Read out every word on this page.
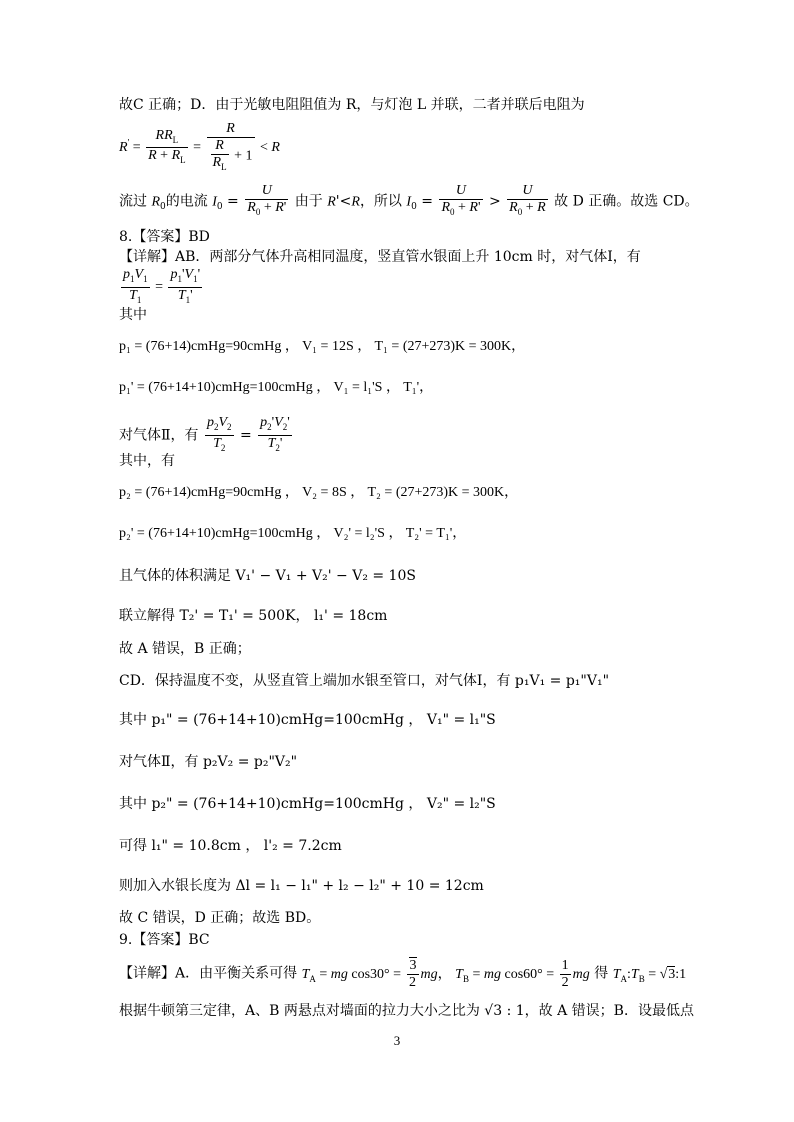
故C 正确；D．由于光敏电阻阻值为 R，与灯泡 L 并联，二者并联后电阻为
$R' = \frac{RR_L}{R + R_L} = \frac{R}{\frac{R}{R_L} + 1} < R$
流过 $R_0$的电流 $I_0 = \frac{U}{R_0 + R'}$ 由于 R'<R，所以 $I_0 = \frac{U}{R_0 + R'} > \frac{U}{R_0 + R}$ 故 D 正确。故选 CD。
8.【答案】BD
【详解】AB．两部分气体升高相同温度，竖直管水银面上升 10cm 时，对气体Ⅰ，有
$\frac{p_1V_1}{T_1} = \frac{p_1'V_1'}{T_1'}$
其中
p₁ = (76+14)cmHg=90cmHg ， V₁ = 12S ， T₁ = (27+273)K = 300K，
p₁' = (76+14+10)cmHg=100cmHg ， V₁ = l₁'S ， T₁'，
对气体Ⅱ，有 $\frac{p_2V_2}{T_2} = \frac{p_2'V_2'}{T_2'}$
其中，有
p₂ = (76+14)cmHg=90cmHg ， V₂ = 8S ， T₂ = (27+273)K = 300K，
p₂' = (76+14+10)cmHg=100cmHg ， V₂' = l₂'S ， T₂' = T₁'，
且气体的体积满足 V₁' − V₁ + V₂' − V₂ = 10S
联立解得 T₂' = T₁' = 500K， l₁' = 18cm
故 A 错误，B 正确；
CD．保持温度不变，从竖直管上端加水银至管口，对气体Ⅰ，有 p₁V₁ = p₁"V₁"
其中 p₁" = (76+14+10)cmHg=100cmHg ， V₁" = l₁"S
对气体Ⅱ，有 p₂V₂ = p₂"V₂"
其中 p₂" = (76+14+10)cmHg=100cmHg ， V₂" = l₂"S
可得 l₁" = 10.8cm ， l'₂ = 7.2cm
则加入水银长度为 Δl = l₁ − l₁" + l₂ − l₂" + 10 = 12cm
故 C 错误，D 正确；故选 BD。
9.【答案】BC
【详解】A．由平衡关系可得 $T_A$ = mg $\cos 30^\circ = \frac{3}{2}$ mg， $T_B$ = mg $\cos 60^\circ = \frac{1}{2}$ mg 得 $T_A:T_B$ = √3:1
根据牛顿第三定律，A、B 两悬点对墙面的拉力大小之比为 √3 : 1，故 A 错误；B．设最低点
3
